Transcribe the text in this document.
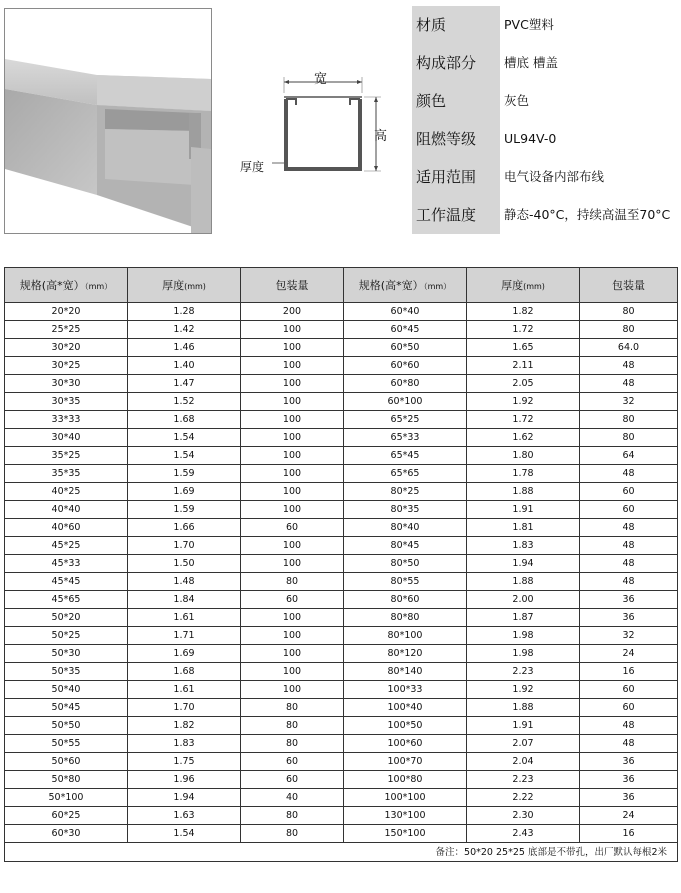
宽
高
厚度
材质	PVC塑料
构成部分	槽底 槽盖
颜色	灰色
阻燃等级	UL94V-0
适用范围	电气设备内部布线
工作温度	静态-40°C，持续高温至70°C
规格(高*宽）（mm）	厚度(mm)	包装量	规格(高*宽）（mm）	厚度(mm)	包装量
20*20	1.28	200	60*40	1.82	80
25*25	1.42	100	60*45	1.72	80
30*20	1.46	100	60*50	1.65	64.0
30*25	1.40	100	60*60	2.11	48
30*30	1.47	100	60*80	2.05	48
30*35	1.52	100	60*100	1.92	32
33*33	1.68	100	65*25	1.72	80
30*40	1.54	100	65*33	1.62	80
35*25	1.54	100	65*45	1.80	64
35*35	1.59	100	65*65	1.78	48
40*25	1.69	100	80*25	1.88	60
40*40	1.59	100	80*35	1.91	60
40*60	1.66	60	80*40	1.81	48
45*25	1.70	100	80*45	1.83	48
45*33	1.50	100	80*50	1.94	48
45*45	1.48	80	80*55	1.88	48
45*65	1.84	60	80*60	2.00	36
50*20	1.61	100	80*80	1.87	36
50*25	1.71	100	80*100	1.98	32
50*30	1.69	100	80*120	1.98	24
50*35	1.68	100	80*140	2.23	16
50*40	1.61	100	100*33	1.92	60
50*45	1.70	80	100*40	1.88	60
50*50	1.82	80	100*50	1.91	48
50*55	1.83	80	100*60	2.07	48
50*60	1.75	60	100*70	2.04	36
50*80	1.96	60	100*80	2.23	36
50*100	1.94	40	100*100	2.22	36
60*25	1.63	80	130*100	2.30	24
60*30	1.54	80	150*100	2.43	16
备注：50*20 25*25 底部是不带孔，出厂默认每根2米					
